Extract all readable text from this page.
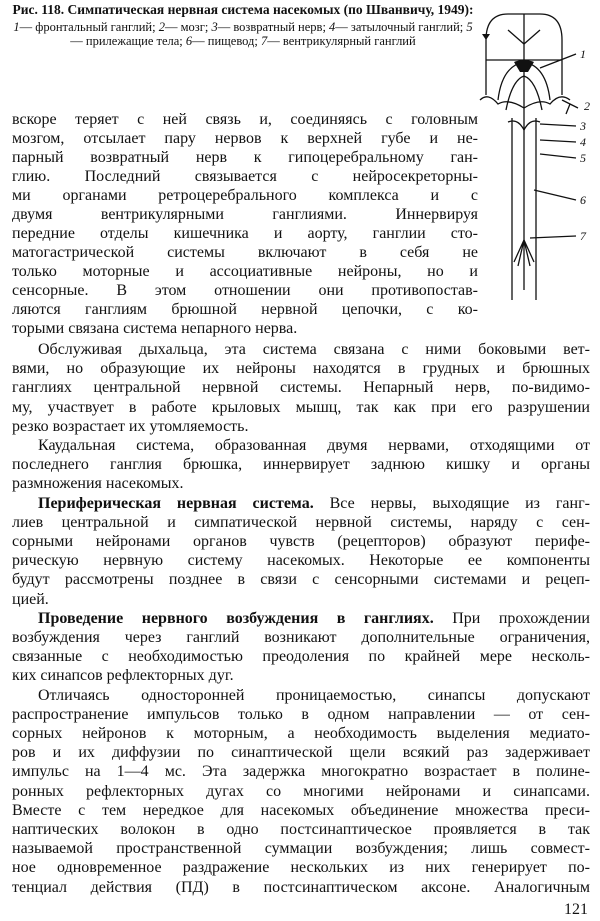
Рис. 118. Симпатическая нервная система насекомых (по Шванвичу, 1949):
1— фронтальный ганглий; 2— мозг; 3— возвратный нерв; 4— затылочный ганглий; 5— прилежащие тела; 6— пищевод; 7— вентрикулярный ганглий
1
2
3
4
5
6
7
вскоре теряет с ней связь и, соединяясь с головным
мозгом, отсылает пару нервов к верхней губе и не-
парный возвратный нерв к гипоцеребральному ган-
глию. Последний связывается с нейросекреторны-
ми органами ретроцеребрального комплекса и с
двумя вентрикулярными ганглиями. Иннервируя
передние отделы кишечника и аорту, ганглии сто-
матогастрической системы включают в себя не
только моторные и ассоциативные нейроны, но и
сенсорные. В этом отношении они противопостав-
ляются ганглиям брюшной нервной цепочки, с ко-
торыми связана система непарного нерва.
Обслуживая дыхальца, эта система связана с ними боковыми вет-
вями, но образующие их нейроны находятся в грудных и брюшных
ганглиях центральной нервной системы. Непарный нерв, по-видимо-
му, участвует в работе крыловых мышц, так как при его разрушении
резко возрастает их утомляемость.
Каудальная система, образованная двумя нервами, отходящими от
последнего ганглия брюшка, иннервирует заднюю кишку и органы
размножения насекомых.
Периферическая нервная система. Все нервы, выходящие из ганг-
лиев центральной и симпатической нервной системы, наряду с сен-
сорными нейронами органов чувств (рецепторов) образуют перифе-
рическую нервную систему насекомых. Некоторые ее компоненты
будут рассмотрены позднее в связи с сенсорными системами и рецеп-
цией.
Проведение нервного возбуждения в ганглиях. При прохождении
возбуждения через ганглий возникают дополнительные ограничения,
связанные с необходимостью преодоления по крайней мере несколь-
ких синапсов рефлекторных дуг.
Отличаясь односторонней проницаемостью, синапсы допускают
распространение импульсов только в одном направлении — от сен-
сорных нейронов к моторным, а необходимость выделения медиато-
ров и их диффузии по синаптической щели всякий раз задерживает
импульс на 1—4 мс. Эта задержка многократно возрастает в полине-
ронных рефлекторных дугах со многими нейронами и синапсами.
Вместе с тем нередкое для насекомых объединение множества преси-
наптических волокон в одно постсинаптическое проявляется в так
называемой пространственной суммации возбуждения; лишь совмест-
ное одновременное раздражение нескольких из них генерирует по-
тенциал действия (ПД) в постсинаптическом аксоне. Аналогичным
121
